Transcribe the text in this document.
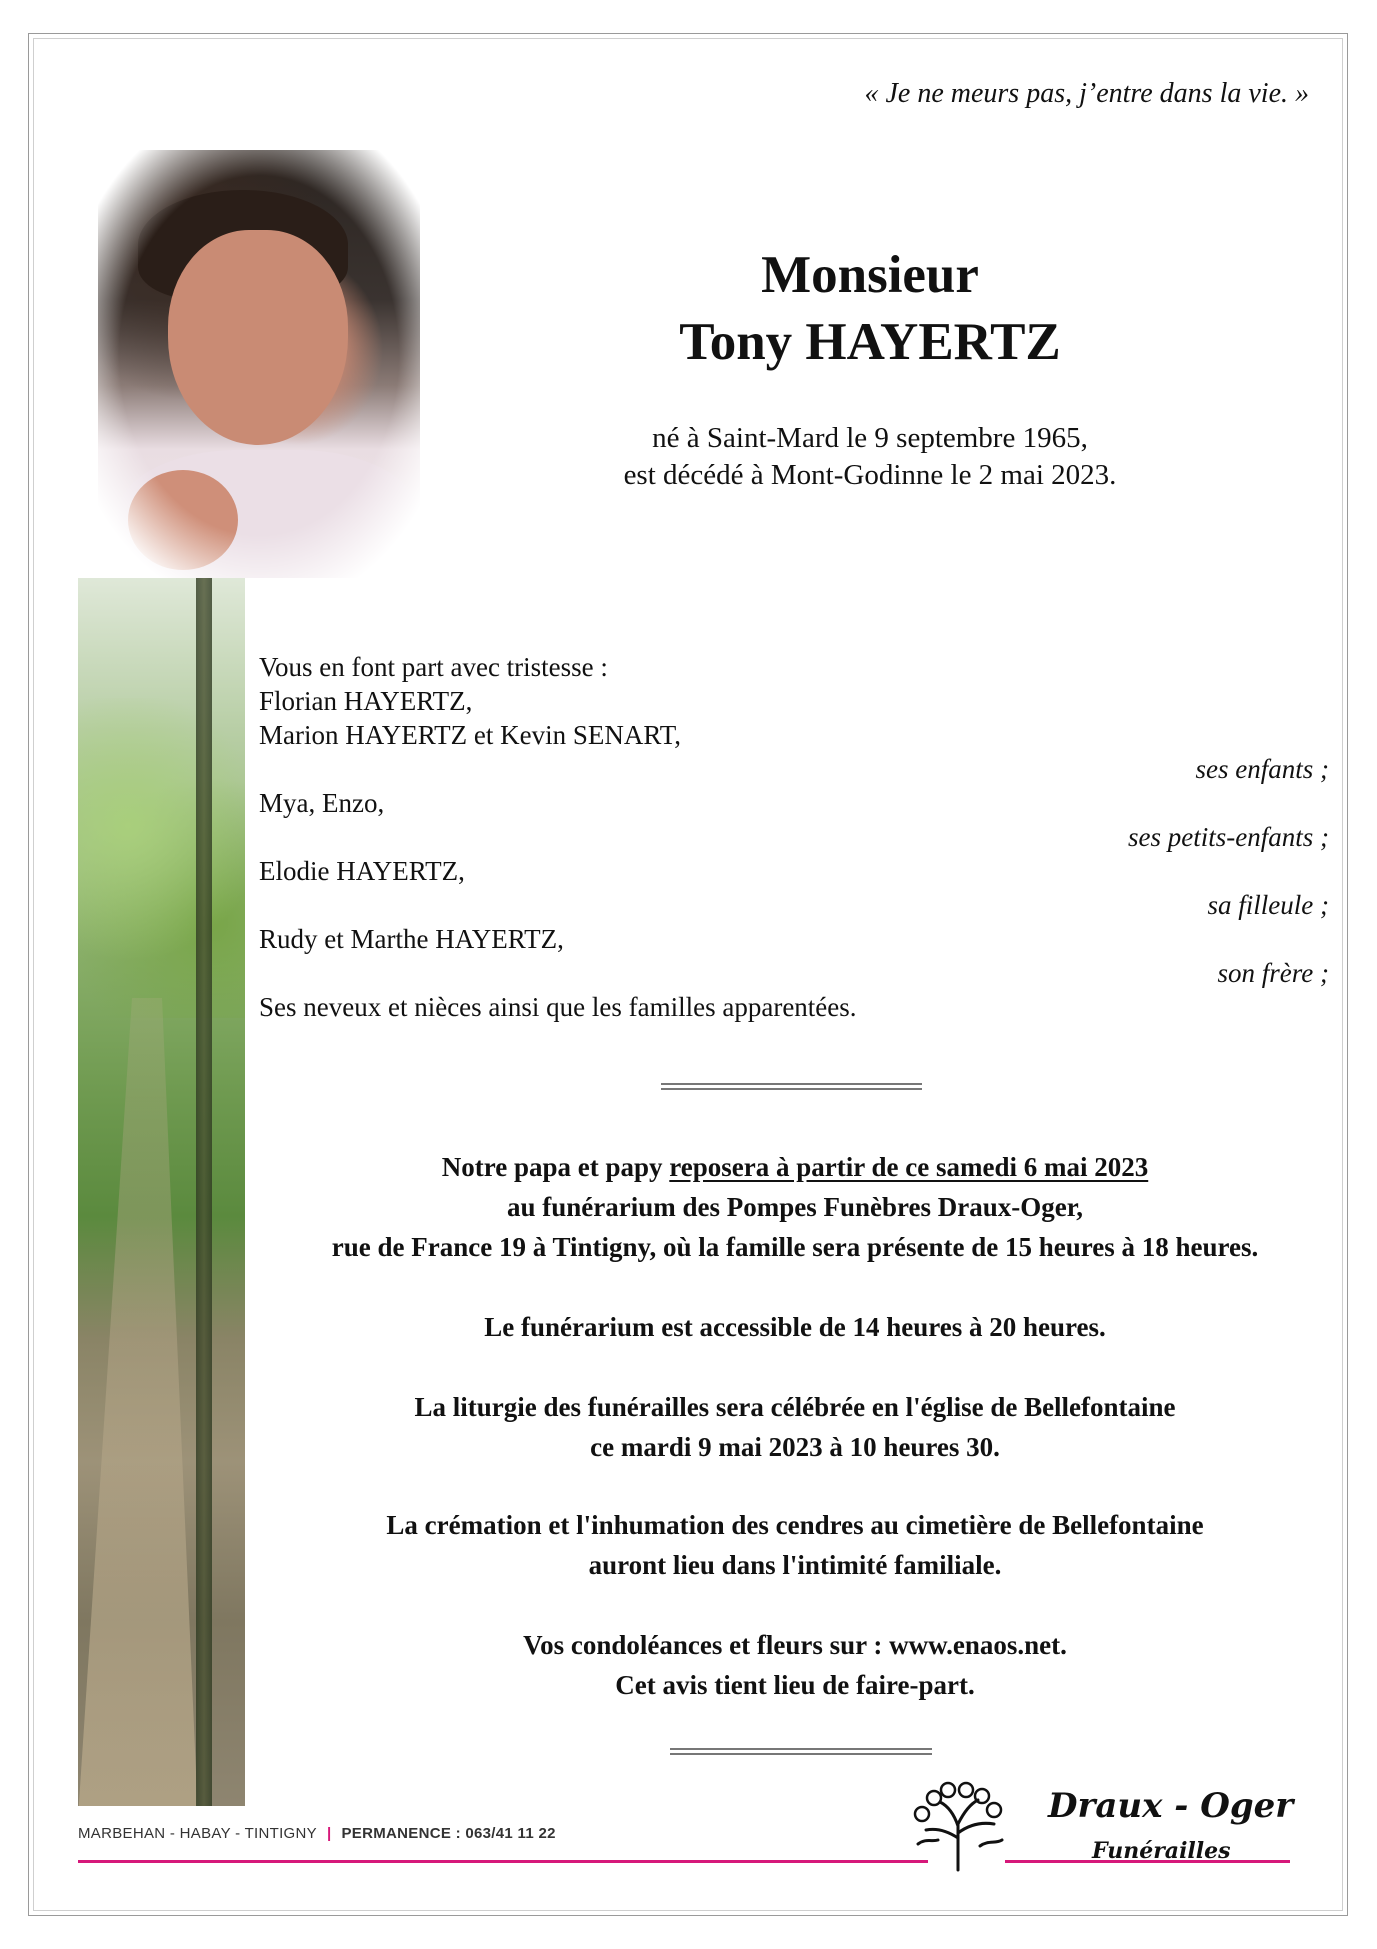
« Je ne meurs pas, j’entre dans la vie. »
Monsieur
Tony HAYERTZ
né à Saint-Mard le 9 septembre 1965,
est décédé à Mont-Godinne le 2 mai 2023.
Vous en font part avec tristesse :
Florian HAYERTZ,
Marion HAYERTZ et Kevin SENART,
ses enfants ;
Mya, Enzo,
ses petits-enfants ;
Elodie HAYERTZ,
sa filleule ;
Rudy et Marthe HAYERTZ,
son frère ;
Ses neveux et nièces ainsi que les familles apparentées.
Notre papa et papy reposera à partir de ce samedi 6 mai 2023
au funérarium des Pompes Funèbres Draux-Oger,
rue de France 19 à Tintigny, où la famille sera présente de 15 heures à 18 heures.
Le funérarium est accessible de 14 heures à 20 heures.
La liturgie des funérailles sera célébrée en l'église de Bellefontaine
ce mardi 9 mai 2023 à 10 heures 30.
La crémation et l'inhumation des cendres au cimetière de Bellefontaine
auront lieu dans l'intimité familiale.
Vos condoléances et fleurs sur : www.enaos.net.
Cet avis tient lieu de faire-part.
MARBEHAN - HABAY - TINTIGNY | PERMANENCE : 063/41 11 22
Draux - Oger
Funérailles
